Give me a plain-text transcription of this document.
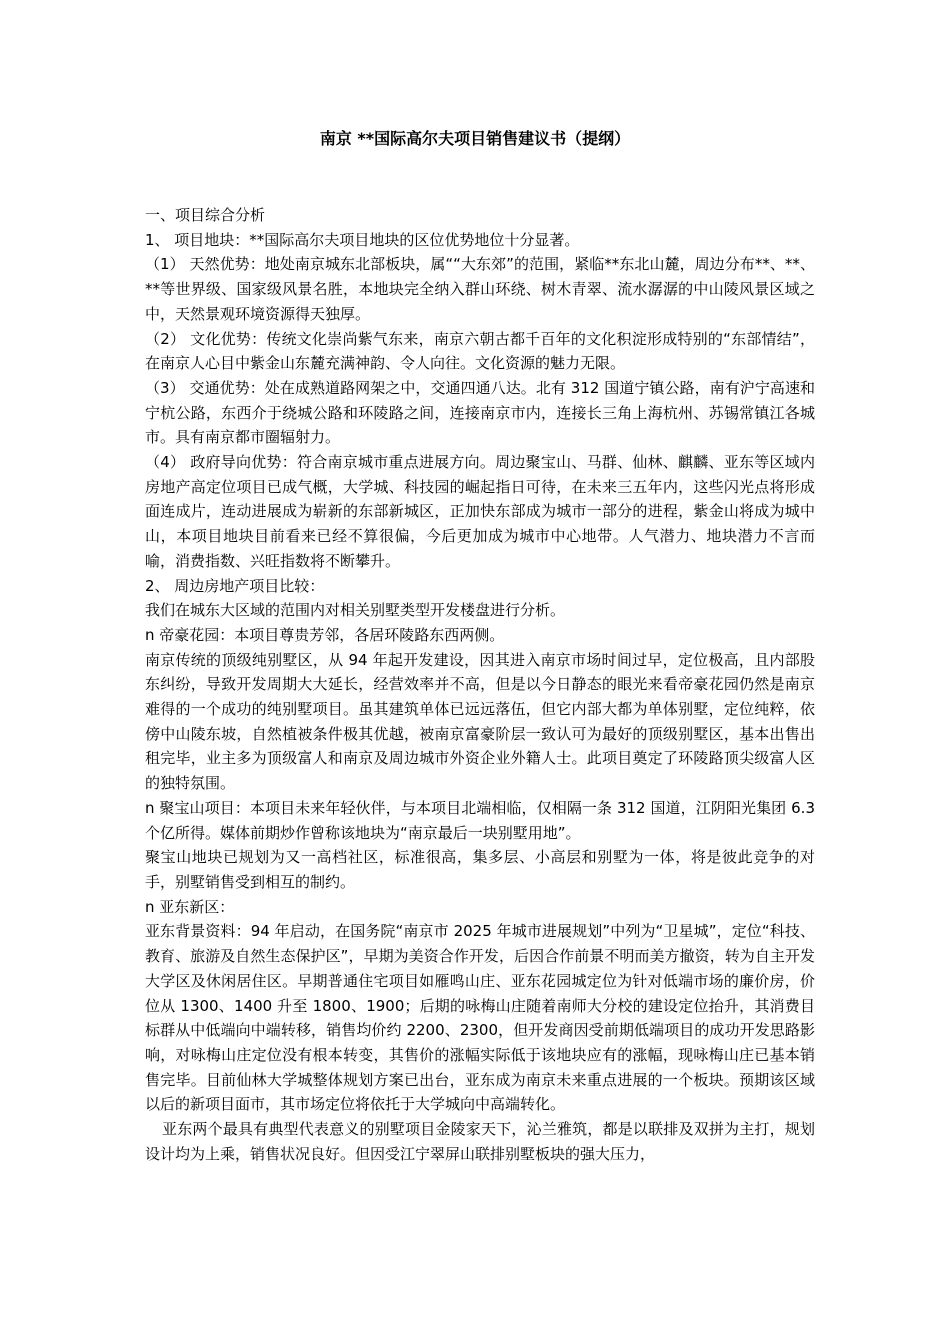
南京 **国际高尔夫项目销售建议书（提纲）

一、项目综合分析

1、 项目地块：**国际高尔夫项目地块的区位优势地位十分显著。

（1） 天然优势：地处南京城东北部板块，属““大东郊”的范围，紧临**东北山麓，周边分布**、**、**等世界级、国家级风景名胜，本地块完全纳入群山环绕、树木青翠、流水潺潺的中山陵风景区域之中，天然景观环境资源得天独厚。

（2） 文化优势：传统文化崇尚紫气东来，南京六朝古都千百年的文化积淀形成特别的“东部情结”，在南京人心目中紫金山东麓充满神韵、令人向往。文化资源的魅力无限。

（3） 交通优势：处在成熟道路网架之中，交通四通八达。北有 312 国道宁镇公路，南有沪宁高速和宁杭公路，东西介于绕城公路和环陵路之间，连接南京市内，连接长三角上海杭州、苏锡常镇江各城市。具有南京都市圈辐射力。

（4） 政府导向优势：符合南京城市重点进展方向。周边聚宝山、马群、仙林、麒麟、亚东等区域内房地产高定位项目已成气概，大学城、科技园的崛起指日可待，在未来三五年内，这些闪光点将形成面连成片，连动进展成为崭新的东部新城区，正加快东部成为城市一部分的进程，紫金山将成为城中山，本项目地块目前看来已经不算很偏，今后更加成为城市中心地带。人气潜力、地块潜力不言而喻，消费指数、兴旺指数将不断攀升。

2、 周边房地产项目比较：

我们在城东大区域的范围内对相关别墅类型开发楼盘进行分析。

n 帝豪花园：本项目尊贵芳邻，各居环陵路东西两侧。

南京传统的顶级纯别墅区，从 94 年起开发建设，因其进入南京市场时间过早，定位极高，且内部股东纠纷，导致开发周期大大延长，经营效率并不高，但是以今日静态的眼光来看帝豪花园仍然是南京难得的一个成功的纯别墅项目。虽其建筑单体已远远落伍，但它内部大都为单体别墅，定位纯粹，依傍中山陵东坡，自然植被条件极其优越，被南京富豪阶层一致认可为最好的顶级别墅区，基本出售出租完毕，业主多为顶级富人和南京及周边城市外资企业外籍人士。此项目奠定了环陵路顶尖级富人区的独特氛围。

n 聚宝山项目：本项目未来年轻伙伴，与本项目北端相临，仅相隔一条 312 国道，江阴阳光集团 6.3 个亿所得。媒体前期炒作曾称该地块为“南京最后一块别墅用地”。

聚宝山地块已规划为又一高档社区，标准很高，集多层、小高层和别墅为一体，将是彼此竞争的对手，别墅销售受到相互的制约。

n 亚东新区：

亚东背景资料：94 年启动，在国务院“南京市 2025 年城市进展规划”中列为“卫星城”，定位“科技、教育、旅游及自然生态保护区”，早期为美资合作开发，后因合作前景不明而美方撤资，转为自主开发大学区及休闲居住区。早期普通住宅项目如雁鸣山庄、亚东花园城定位为针对低端市场的廉价房，价位从 1300、1400 升至 1800、1900；后期的咏梅山庄随着南师大分校的建设定位抬升，其消费目标群从中低端向中端转移，销售均价约 2200、2300，但开发商因受前期低端项目的成功开发思路影响，对咏梅山庄定位没有根本转变，其售价的涨幅实际低于该地块应有的涨幅，现咏梅山庄已基本销售完毕。目前仙林大学城整体规划方案已出台，亚东成为南京未来重点进展的一个板块。预期该区域以后的新项目面市，其市场定位将依托于大学城向中高端转化。

亚东两个最具有典型代表意义的别墅项目金陵家天下，沁兰雅筑，都是以联排及双拼为主打，规划设计均为上乘，销售状况良好。但因受江宁翠屏山联排别墅板块的强大压力，
